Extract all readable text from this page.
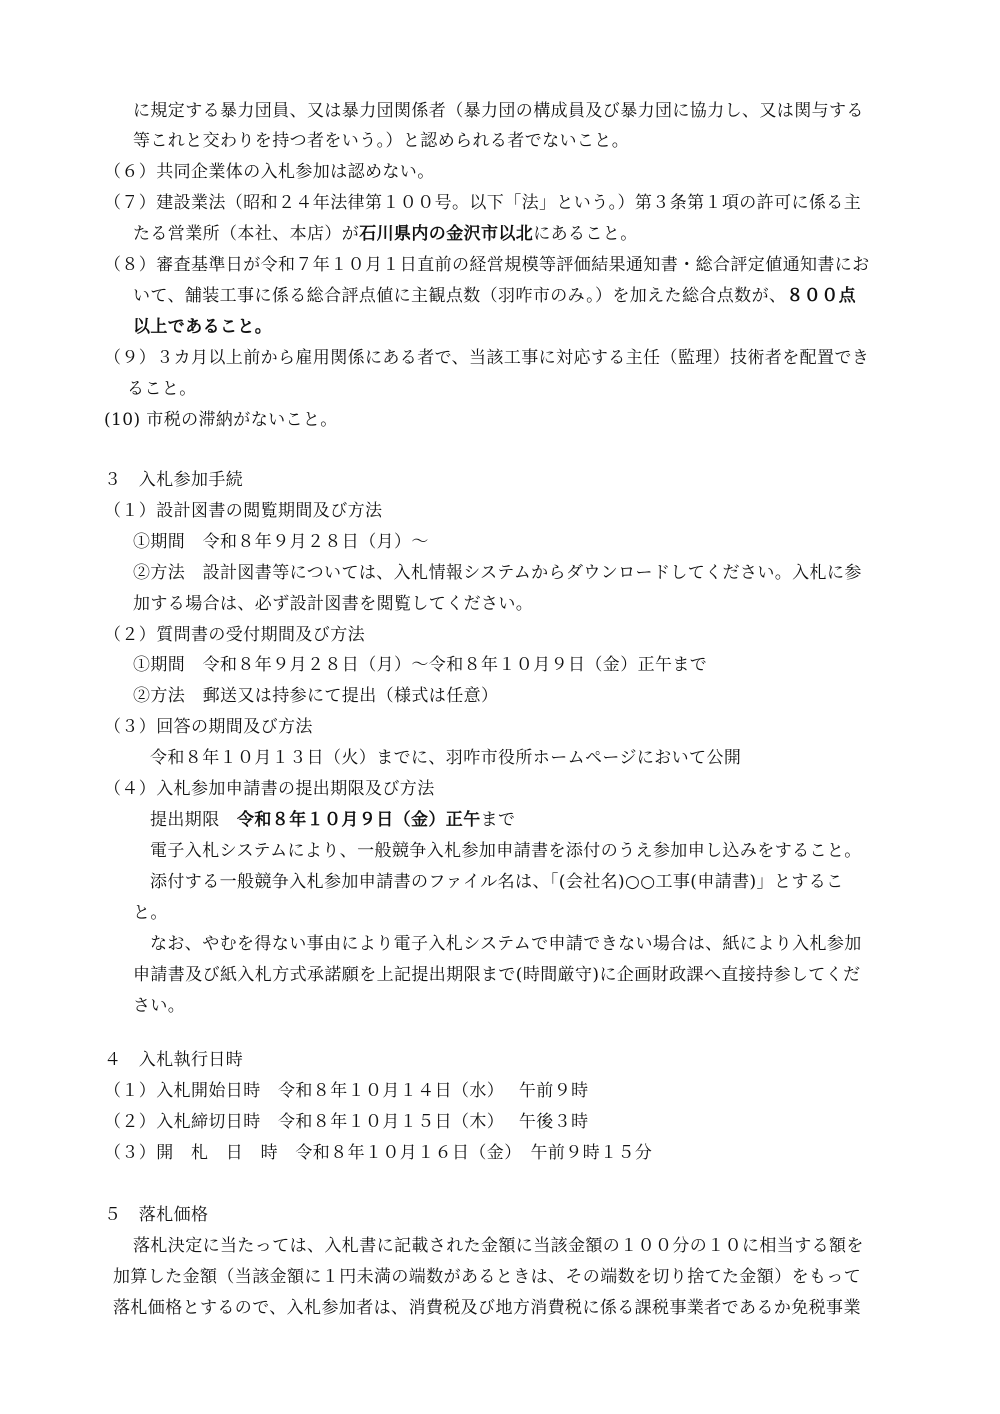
に規定する暴力団員、又は暴力団関係者（暴力団の構成員及び暴力団に協力し、又は関与する
等これと交わりを持つ者をいう。）と認められる者でないこと。
（６）共同企業体の入札参加は認めない。
（７）建設業法（昭和２４年法律第１００号。以下「法」という。）第３条第１項の許可に係る主
たる営業所（本社、本店）が石川県内の金沢市以北にあること。
（８）審査基準日が令和７年１０月１日直前の経営規模等評価結果通知書・総合評定値通知書にお
いて、舗装工事に係る総合評点値に主観点数（羽咋市のみ。）を加えた総合点数が、８００点
以上であること。
（９）３カ月以上前から雇用関係にある者で、当該工事に対応する主任（監理）技術者を配置でき
ること。
(10) 市税の滞納がないこと。
３　入札参加手続
（１）設計図書の閲覧期間及び方法
①期間　令和８年９月２８日（月）～
②方法　設計図書等については、入札情報システムからダウンロードしてください。入札に参
加する場合は、必ず設計図書を閲覧してください。
（２）質問書の受付期間及び方法
①期間　令和８年９月２８日（月）～令和８年１０月９日（金）正午まで
②方法　郵送又は持参にて提出（様式は任意）
（３）回答の期間及び方法
令和８年１０月１３日（火）までに、羽咋市役所ホームページにおいて公開
（４）入札参加申請書の提出期限及び方法
提出期限　令和８年１０月９日（金）正午まで
電子入札システムにより、一般競争入札参加申請書を添付のうえ参加申し込みをすること。
添付する一般競争入札参加申請書のファイル名は、「(会社名)○○工事(申請書)」とするこ
と。
なお、やむを得ない事由により電子入札システムで申請できない場合は、紙により入札参加
申請書及び紙入札方式承諾願を上記提出期限まで(時間厳守)に企画財政課へ直接持参してくだ
さい。
４　入札執行日時
（１）入札開始日時　令和８年１０月１４日（水）　 午前９時
（２）入札締切日時　令和８年１０月１５日（木）　 午後３時
（３）開　札　日　時　令和８年１０月１６日（金）　午前９時１５分
５　落札価格
落札決定に当たっては、入札書に記載された金額に当該金額の１００分の１０に相当する額を
加算した金額（当該金額に１円未満の端数があるときは、その端数を切り捨てた金額）をもって
落札価格とするので、入札参加者は、消費税及び地方消費税に係る課税事業者であるか免税事業
